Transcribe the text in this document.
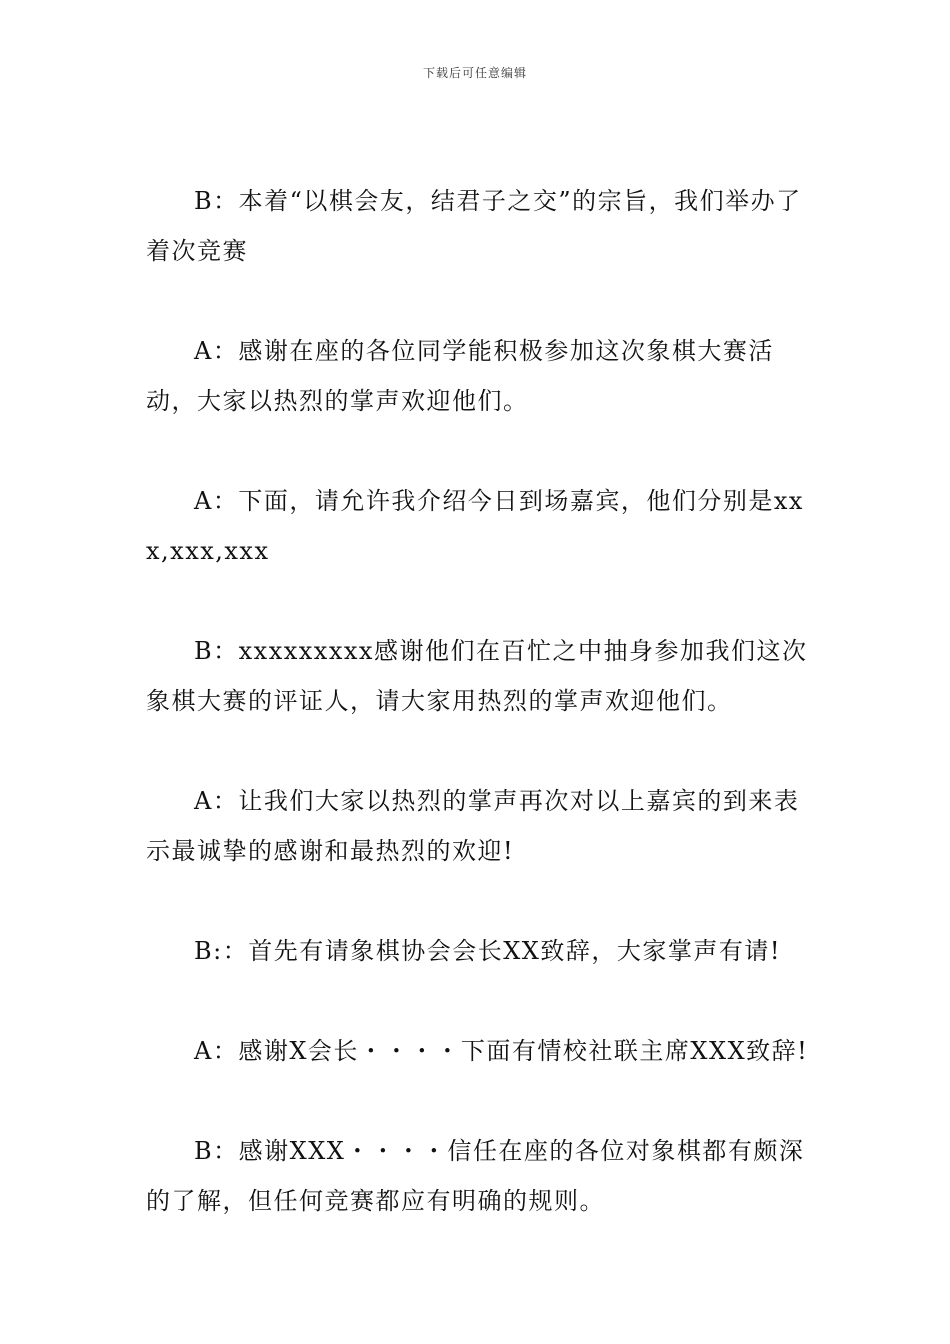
下载后可任意编辑

B：本着“以棋会友，结君子之交”的宗旨，我们举办了着次竞赛

A：感谢在座的各位同学能积极参加这次象棋大赛活动，大家以热烈的掌声欢迎他们。

A：下面，请允许我介绍今日到场嘉宾，他们分别是xxx,xxx,xxx

B：xxxxxxxxx感谢他们在百忙之中抽身参加我们这次象棋大赛的评证人，请大家用热烈的掌声欢迎他们。

A：让我们大家以热烈的掌声再次对以上嘉宾的到来表示最诚挚的感谢和最热烈的欢迎!

B:：首先有请象棋协会会长XX致辞，大家掌声有请!

A：感谢X会长・・・・下面有情校社联主席XXX致辞!

B：感谢XXX・・・・信任在座的各位对象棋都有颇深的了解，但任何竞赛都应有明确的规则。
